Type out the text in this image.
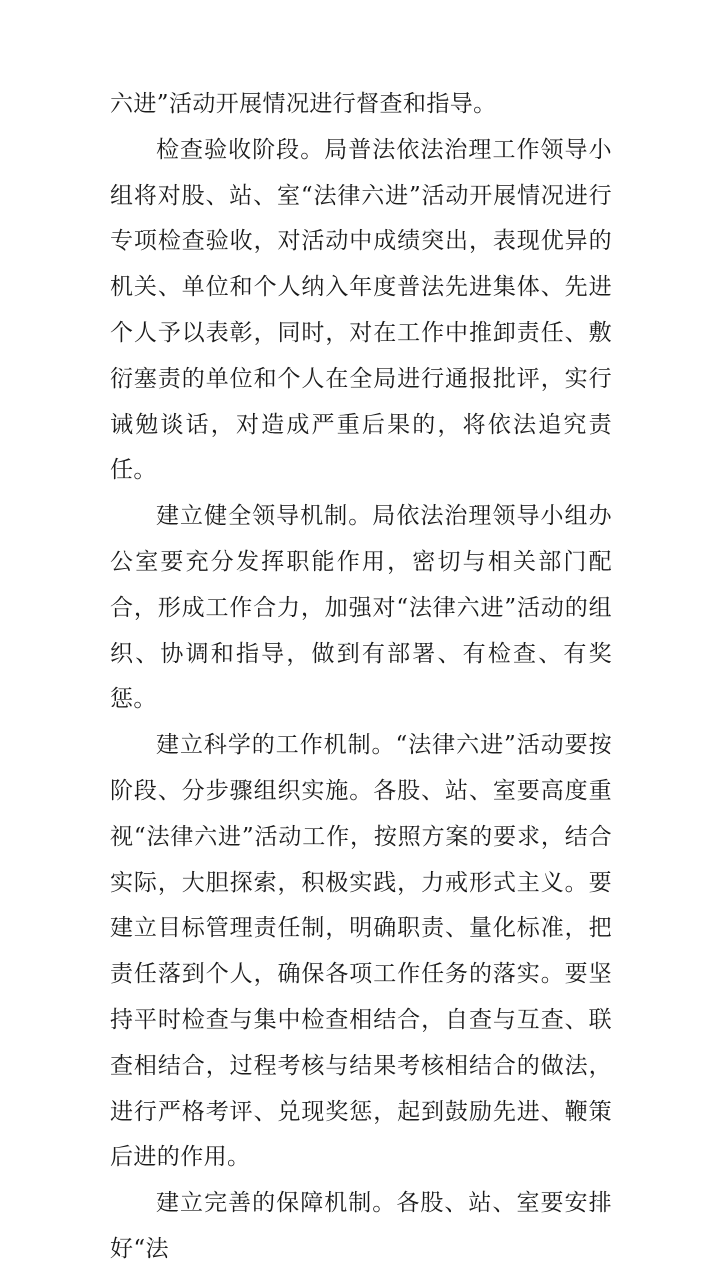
六进”活动开展情况进行督查和指导。

检查验收阶段。局普法依法治理工作领导小组将对股、站、室“法律六进”活动开展情况进行专项检查验收，对活动中成绩突出，表现优异的机关、单位和个人纳入年度普法先进集体、先进个人予以表彰，同时，对在工作中推卸责任、敷衍塞责的单位和个人在全局进行通报批评，实行诫勉谈话，对造成严重后果的，将依法追究责任。

建立健全领导机制。局依法治理领导小组办公室要充分发挥职能作用，密切与相关部门配合，形成工作合力，加强对“法律六进”活动的组织、协调和指导，做到有部署、有检查、有奖惩。

建立科学的工作机制。“法律六进”活动要按阶段、分步骤组织实施。各股、站、室要高度重视“法律六进”活动工作，按照方案的要求，结合实际，大胆探索，积极实践，力戒形式主义。要建立目标管理责任制，明确职责、量化标准，把责任落到个人，确保各项工作任务的落实。要坚持平时检查与集中检查相结合，自查与互查、联查相结合，过程考核与结果考核相结合的做法，进行严格考评、兑现奖惩，起到鼓励先进、鞭策后进的作用。

建立完善的保障机制。各股、站、室要安排好“法
